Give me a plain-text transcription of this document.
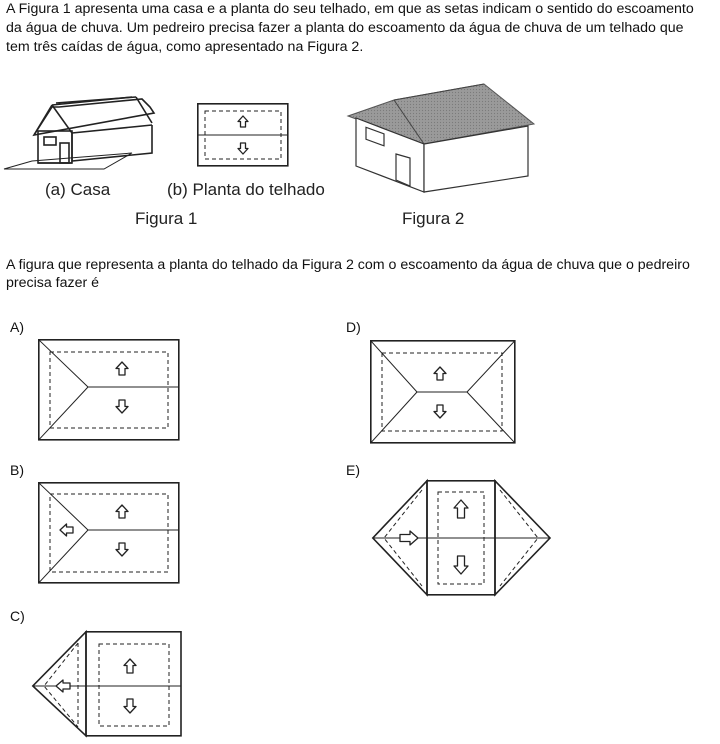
A Figura 1 apresenta uma casa e a planta do seu telhado, em que as setas indicam o sentido do escoamento
da água de chuva. Um pedreiro precisa fazer a planta do escoamento da água de chuva de um telhado que
tem três caídas de água, como apresentado na Figura 2.
(a) Casa	(b) Planta do telhado
Figura 1	Figura 2
A figura que representa a planta do telhado da Figura 2 com o escoamento da água de chuva que o pedreiro
precisa fazer é
A)
B)
C)
D)
E)
